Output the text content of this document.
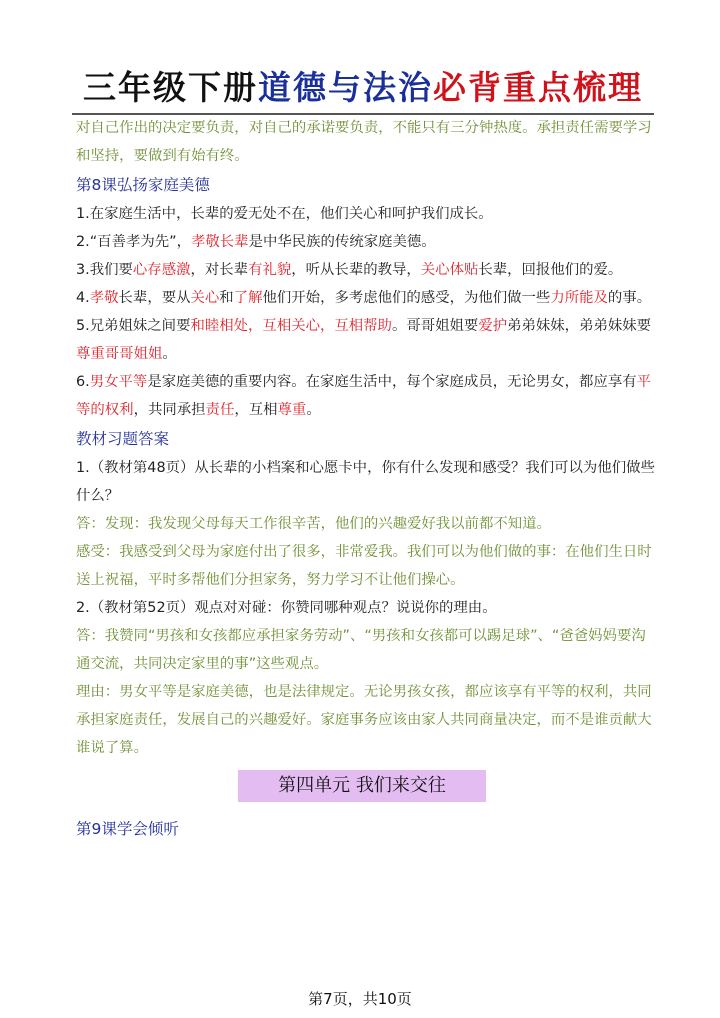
三年级下册道德与法治必背重点梳理

对自己作出的决定要负责，对自己的承诺要负责，不能只有三分钟热度。承担责任需要学习和坚持，要做到有始有终。

第8课弘扬家庭美德

1.在家庭生活中，长辈的爱无处不在，他们关心和呵护我们成长。

2.“百善孝为先”，孝敬长辈是中华民族的传统家庭美德。

3.我们要心存感激，对长辈有礼貌，听从长辈的教导，关心体贴长辈，回报他们的爱。

4.孝敬长辈，要从关心和了解他们开始，多考虑他们的感受，为他们做一些力所能及的事。

5.兄弟姐妹之间要和睦相处，互相关心，互相帮助。哥哥姐姐要爱护弟弟妹妹，弟弟妹妹要尊重哥哥姐姐。

6.男女平等是家庭美德的重要内容。在家庭生活中，每个家庭成员，无论男女，都应享有平等的权利，共同承担责任，互相尊重。

教材习题答案

1.（教材第48页）从长辈的小档案和心愿卡中，你有什么发现和感受？我们可以为他们做些什么？

答：发现：我发现父母每天工作很辛苦，他们的兴趣爱好我以前都不知道。

感受：我感受到父母为家庭付出了很多，非常爱我。我们可以为他们做的事：在他们生日时送上祝福，平时多帮他们分担家务，努力学习不让他们操心。

2.（教材第52页）观点对对碰：你赞同哪种观点？说说你的理由。

答：我赞同“男孩和女孩都应承担家务劳动”、“男孩和女孩都可以踢足球”、“爸爸妈妈要沟通交流，共同决定家里的事”这些观点。

理由：男女平等是家庭美德，也是法律规定。无论男孩女孩，都应该享有平等的权利，共同承担家庭责任，发展自己的兴趣爱好。家庭事务应该由家人共同商量决定，而不是谁贡献大谁说了算。

第四单元 我们来交往

第9课学会倾听

第7页，共10页
